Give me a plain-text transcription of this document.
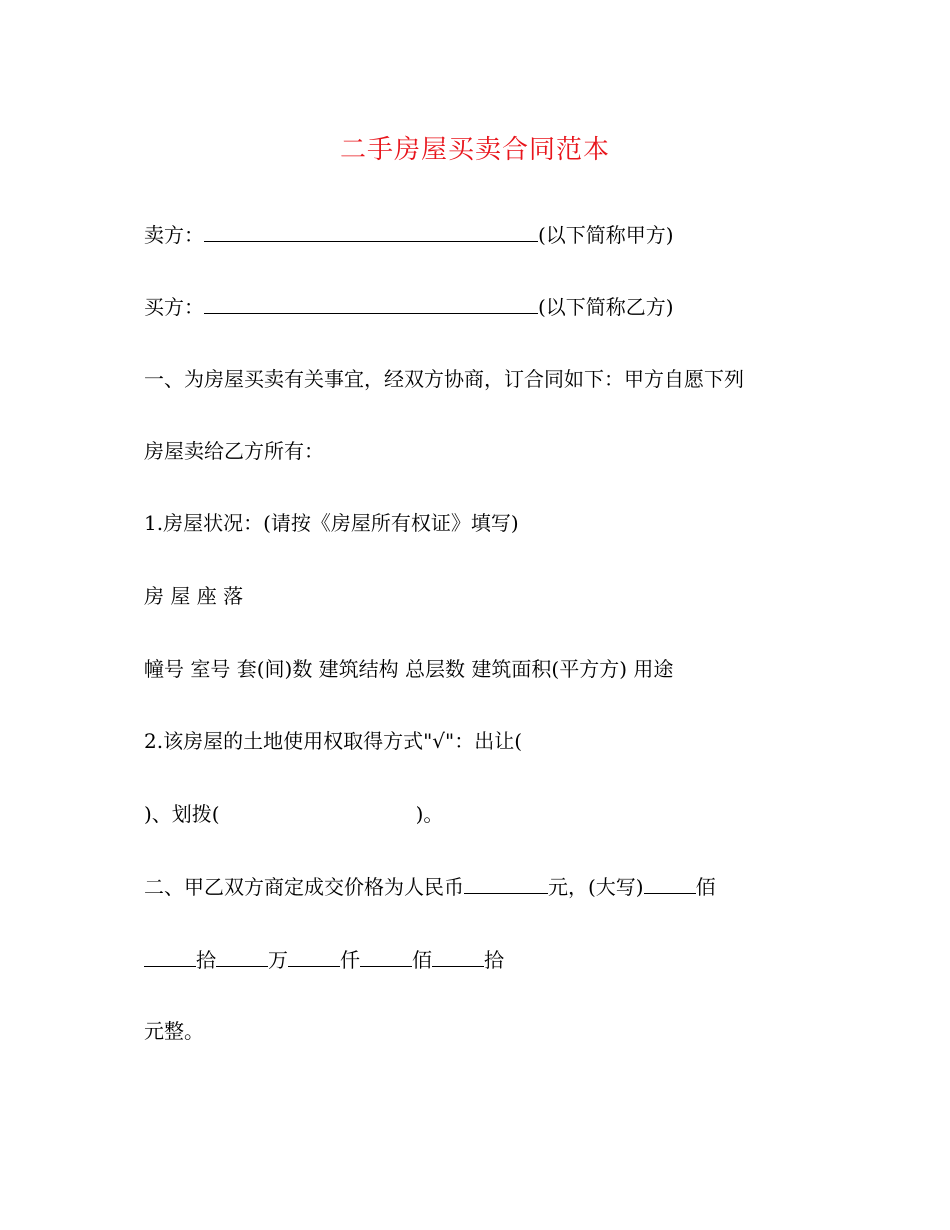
二手房屋买卖合同范本
卖方：	(以下简称甲方)
买方：	(以下简称乙方)
一、为房屋买卖有关事宜，经双方协商，订合同如下：甲方自愿下列
房屋卖给乙方所有：
1.房屋状况：(请按《房屋所有权证》填写)
房 屋 座 落
幢号 室号 套(间)数 建筑结构 总层数 建筑面积(平方方) 用途
2.该房屋的土地使用权取得方式"√"：出让(
)、划拨(	)。
二、甲乙双方商定成交价格为人民币	元，(大写)	佰
拾	万	仟	佰	拾
元整。
